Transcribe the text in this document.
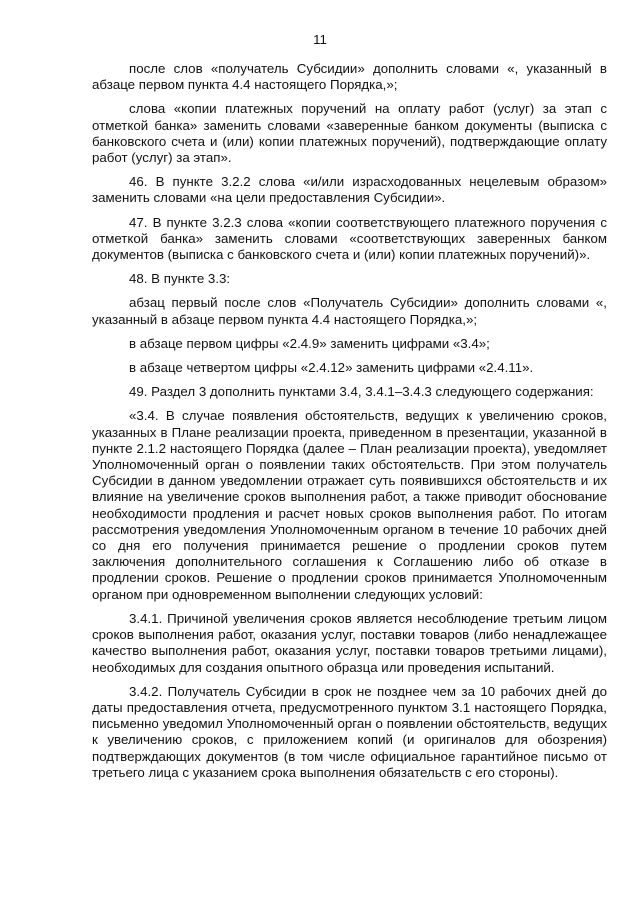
11

после слов «получатель Субсидии» дополнить словами «, указанный в абзаце первом пункта 4.4 настоящего Порядка,»;

слова «копии платежных поручений на оплату работ (услуг) за этап с отметкой банка» заменить словами «заверенные банком документы (выписка с банковского счета и (или) копии платежных поручений), подтверждающие оплату работ (услуг) за этап».

46. В пункте 3.2.2 слова «и/или израсходованных нецелевым образом» заменить словами «на цели предоставления Субсидии».

47. В пункте 3.2.3 слова «копии соответствующего платежного поручения с отметкой банка» заменить словами «соответствующих заверенных банком документов (выписка с банковского счета и (или) копии платежных поручений)».

48. В пункте 3.3:

абзац первый после слов «Получатель Субсидии» дополнить словами «, указанный в абзаце первом пункта 4.4 настоящего Порядка,»;

в абзаце первом цифры «2.4.9» заменить цифрами «3.4»;

в абзаце четвертом цифры «2.4.12» заменить цифрами «2.4.11».

49. Раздел 3 дополнить пунктами 3.4, 3.4.1–3.4.3 следующего содержания:

«3.4. В случае появления обстоятельств, ведущих к увеличению сроков, указанных в Плане реализации проекта, приведенном в презентации, указанной в пункте 2.1.2 настоящего Порядка (далее – План реализации проекта), уведомляет Уполномоченный орган о появлении таких обстоятельств. При этом получатель Субсидии в данном уведомлении отражает суть появившихся обстоятельств и их влияние на увеличение сроков выполнения работ, а также приводит обоснование необходимости продления и расчет новых сроков выполнения работ. По итогам рассмотрения уведомления Уполномоченным органом в течение 10 рабочих дней со дня его получения принимается решение о продлении сроков путем заключения дополнительного соглашения к Соглашению либо об отказе в продлении сроков. Решение о продлении сроков принимается Уполномоченным органом при одновременном выполнении следующих условий:

3.4.1. Причиной увеличения сроков является несоблюдение третьим лицом сроков выполнения работ, оказания услуг, поставки товаров (либо ненадлежащее качество выполнения работ, оказания услуг, поставки товаров третьими лицами), необходимых для создания опытного образца или проведения испытаний.

3.4.2. Получатель Субсидии в срок не позднее чем за 10 рабочих дней до даты предоставления отчета, предусмотренного пунктом 3.1 настоящего Порядка, письменно уведомил Уполномоченный орган о появлении обстоятельств, ведущих к увеличению сроков, с приложением копий (и оригиналов для обозрения) подтверждающих документов (в том числе официальное гарантийное письмо от третьего лица с указанием срока выполнения обязательств с его стороны).
